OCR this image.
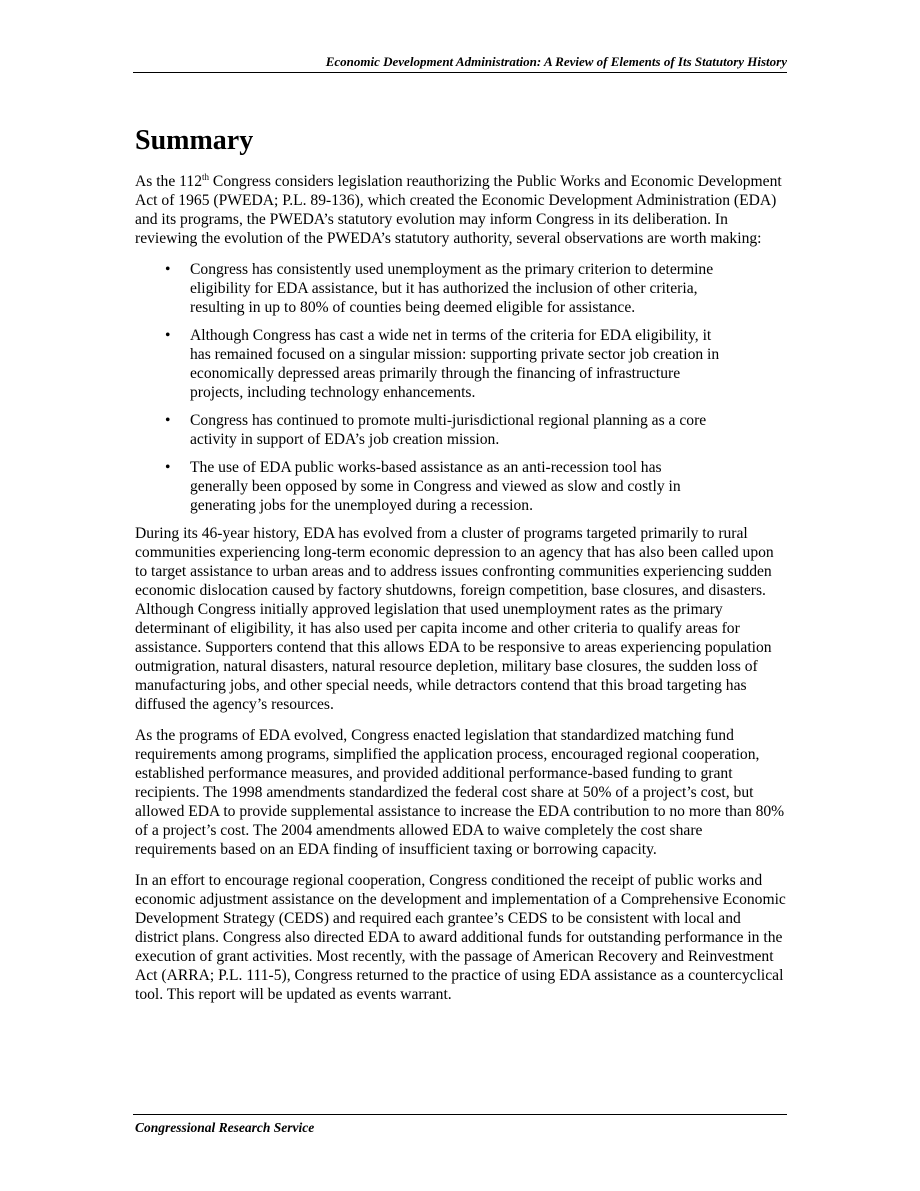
Economic Development Administration: A Review of Elements of Its Statutory History
Summary

As the 112th Congress considers legislation reauthorizing the Public Works and Economic Development Act of 1965 (PWEDA; P.L. 89-136), which created the Economic Development Administration (EDA) and its programs, the PWEDA’s statutory evolution may inform Congress in its deliberation. In reviewing the evolution of the PWEDA’s statutory authority, several observations are worth making:

• Congress has consistently used unemployment as the primary criterion to determine eligibility for EDA assistance, but it has authorized the inclusion of other criteria, resulting in up to 80% of counties being deemed eligible for assistance.
• Although Congress has cast a wide net in terms of the criteria for EDA eligibility, it has remained focused on a singular mission: supporting private sector job creation in economically depressed areas primarily through the financing of infrastructure projects, including technology enhancements.
• Congress has continued to promote multi-jurisdictional regional planning as a core activity in support of EDA’s job creation mission.
• The use of EDA public works-based assistance as an anti-recession tool has generally been opposed by some in Congress and viewed as slow and costly in generating jobs for the unemployed during a recession.

During its 46-year history, EDA has evolved from a cluster of programs targeted primarily to rural communities experiencing long-term economic depression to an agency that has also been called upon to target assistance to urban areas and to address issues confronting communities experiencing sudden economic dislocation caused by factory shutdowns, foreign competition, base closures, and disasters. Although Congress initially approved legislation that used unemployment rates as the primary determinant of eligibility, it has also used per capita income and other criteria to qualify areas for assistance. Supporters contend that this allows EDA to be responsive to areas experiencing population outmigration, natural disasters, natural resource depletion, military base closures, the sudden loss of manufacturing jobs, and other special needs, while detractors contend that this broad targeting has diffused the agency’s resources.

As the programs of EDA evolved, Congress enacted legislation that standardized matching fund requirements among programs, simplified the application process, encouraged regional cooperation, established performance measures, and provided additional performance-based funding to grant recipients. The 1998 amendments standardized the federal cost share at 50% of a project’s cost, but allowed EDA to provide supplemental assistance to increase the EDA contribution to no more than 80% of a project’s cost. The 2004 amendments allowed EDA to waive completely the cost share requirements based on an EDA finding of insufficient taxing or borrowing capacity.

In an effort to encourage regional cooperation, Congress conditioned the receipt of public works and economic adjustment assistance on the development and implementation of a Comprehensive Economic Development Strategy (CEDS) and required each grantee’s CEDS to be consistent with local and district plans. Congress also directed EDA to award additional funds for outstanding performance in the execution of grant activities. Most recently, with the passage of American Recovery and Reinvestment Act (ARRA; P.L. 111-5), Congress returned to the practice of using EDA assistance as a countercyclical tool. This report will be updated as events warrant.

Congressional Research Service
